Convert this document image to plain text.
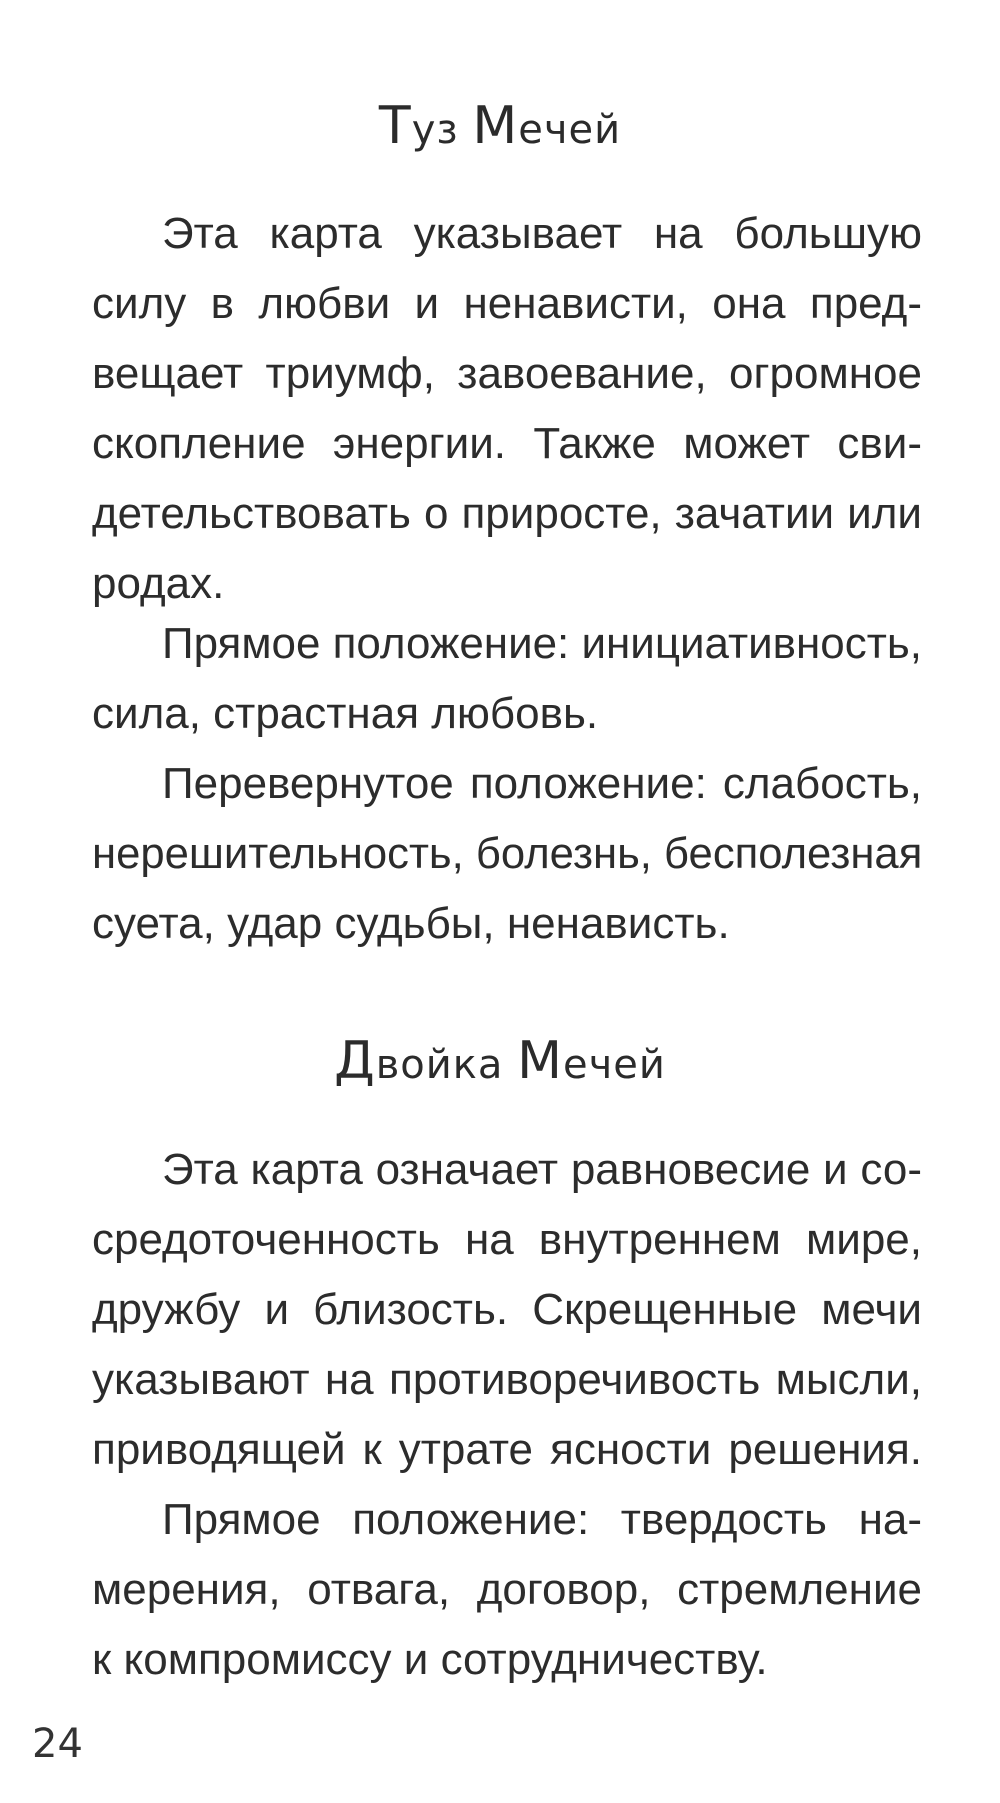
Туз Мечей
Эта карта указывает на большую
силу в любви и ненависти, она пред-
вещает триумф, завоевание, огромное
скопление энергии. Также может сви-
детельствовать о приросте, зачатии или
родах.
Прямое положение: инициативность,
сила, страстная любовь.
Перевернутое положение: слабость,
нерешительность, болезнь, бесполезная
суета, удар судьбы, ненависть.
Двойка Мечей
Эта карта означает равновесие и со-
средоточенность на внутреннем мире,
дружбу и близость. Скрещенные мечи
указывают на противоречивость мысли,
приводящей к утрате ясности решения.
Прямое положение: твердость на-
мерения, отвага, договор, стремление
к компромиссу и сотрудничеству.
24
